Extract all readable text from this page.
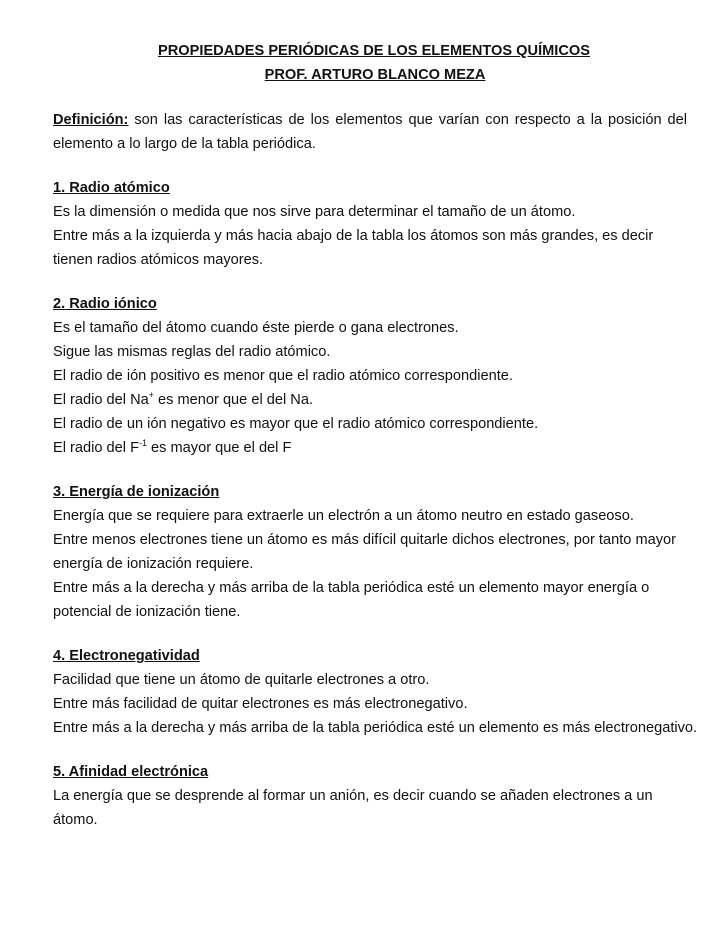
PROPIEDADES PERIÓDICAS DE LOS ELEMENTOS QUÍMICOS

PROF. ARTURO BLANCO MEZA

Definición: son las características de los elementos que varían con respecto a la posición del elemento a lo largo de la tabla periódica.

1. Radio atómico

Es la dimensión o medida que nos sirve para determinar el tamaño de un átomo.

Entre más a la izquierda y más hacia abajo de la tabla los átomos son más grandes, es decir tienen radios atómicos mayores.

2. Radio iónico

Es el tamaño del átomo cuando éste pierde o gana electrones.

Sigue las mismas reglas del radio atómico.

El radio de ión positivo es menor que el radio atómico correspondiente.

El radio del Na+ es menor que el del Na.

El radio de un ión negativo es mayor que el radio atómico correspondiente.

El radio del $F^{-1}$ es mayor que el del F

3. Energía de ionización

Energía que se requiere para extraerle un electrón a un átomo neutro en estado gaseoso.

Entre menos electrones tiene un átomo es más difícil quitarle dichos electrones, por tanto mayor energía de ionización requiere.

Entre más a la derecha y más arriba de la tabla periódica esté un elemento mayor energía o potencial de ionización tiene.

4. Electronegatividad

Facilidad que tiene un átomo de quitarle electrones a otro.

Entre más facilidad de quitar electrones es más electronegativo.

Entre más a la derecha y más arriba de la tabla periódica esté un elemento es más electronegativo.

5. Afinidad electrónica

La energía que se desprende al formar un anión, es decir cuando se añaden electrones a un átomo.
